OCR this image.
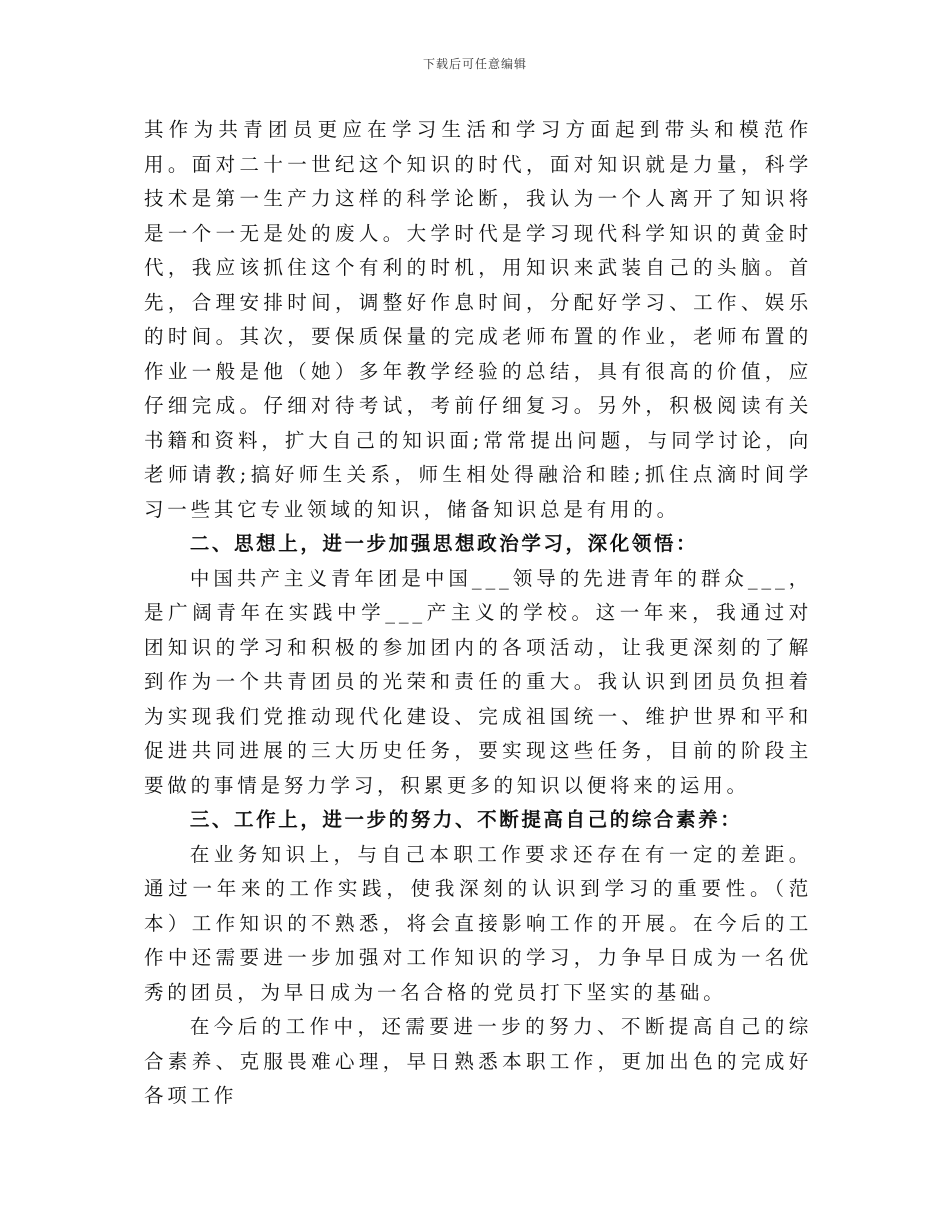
下载后可任意编辑

其作为共青团员更应在学习生活和学习方面起到带头和模范作用。面对二十一世纪这个知识的时代，面对知识就是力量，科学技术是第一生产力这样的科学论断，我认为一个人离开了知识将是一个一无是处的废人。大学时代是学习现代科学知识的黄金时代，我应该抓住这个有利的时机，用知识来武装自己的头脑。首先，合理安排时间，调整好作息时间，分配好学习、工作、娱乐的时间。其次，要保质保量的完成老师布置的作业，老师布置的作业一般是他（她）多年教学经验的总结，具有很高的价值，应仔细完成。仔细对待考试，考前仔细复习。另外，积极阅读有关书籍和资料，扩大自己的知识面;常常提出问题，与同学讨论，向老师请教;搞好师生关系，师生相处得融洽和睦;抓住点滴时间学习一些其它专业领域的知识，储备知识总是有用的。

二、思想上，进一步加强思想政治学习，深化领悟：

中国共产主义青年团是中国___领导的先进青年的群众___，是广阔青年在实践中学___产主义的学校。这一年来，我通过对团知识的学习和积极的参加团内的各项活动，让我更深刻的了解到作为一个共青团员的光荣和责任的重大。我认识到团员负担着为实现我们党推动现代化建设、完成祖国统一、维护世界和平和促进共同进展的三大历史任务，要实现这些任务，目前的阶段主要做的事情是努力学习，积累更多的知识以便将来的运用。

三、工作上，进一步的努力、不断提高自己的综合素养：

在业务知识上，与自己本职工作要求还存在有一定的差距。通过一年来的工作实践，使我深刻的认识到学习的重要性。（范本）工作知识的不熟悉，将会直接影响工作的开展。在今后的工作中还需要进一步加强对工作知识的学习，力争早日成为一名优秀的团员，为早日成为一名合格的党员打下坚实的基础。

在今后的工作中，还需要进一步的努力、不断提高自己的综合素养、克服畏难心理，早日熟悉本职工作，更加出色的完成好各项工作
